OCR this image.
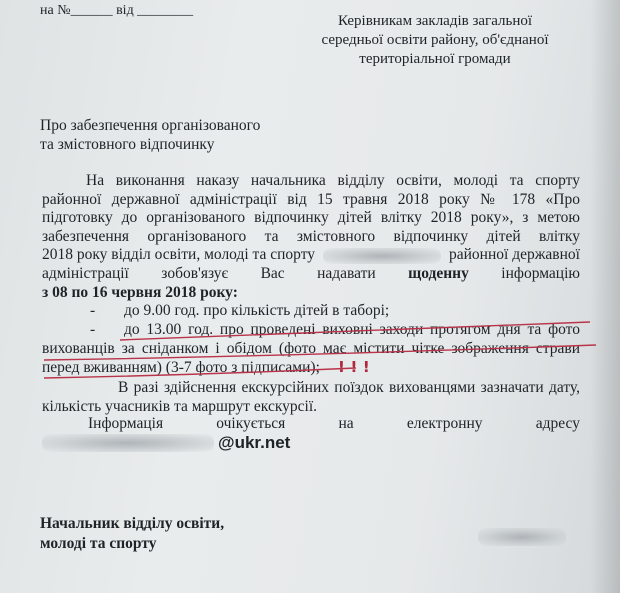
на №______ від ________
Керівникам закладів загальної
середньої освіти району, об'єднаної
територіальної громади
Про забезпечення організованого
та змістовного відпочинку
На виконання наказу начальника відділу освіти, молоді та спорту
районної державної адміністрації від 15 травня 2018 року № 178 «Про
підготовку до організованого відпочинку дітей влітку 2018 року», з метою
забезпечення організованого та змістовного відпочинку дітей влітку
2018 року відділ освіти, молоді та спорту	районної державної
адміністрації зобов'язує Вас надавати щоденну інформацію
з 08 по 16 червня 2018 року:
- до 9.00 год. про кількість дітей в таборі;
-	до 13.00 год. про проведені виховні заходи протягом дня та фото
вихованців за сніданком і обідом (фото має містити чітке зображення страви
перед вживанням) (3-7 фото з підписами); ! ! !
В разі здійснення екскурсійних поїздок вихованцями зазначати дату,
кількість учасників та маршрут екскурсії.
Інформація	очікується	на	електронну	адресу
@ukr.net
Начальник відділу освіти,
молоді та спорту
